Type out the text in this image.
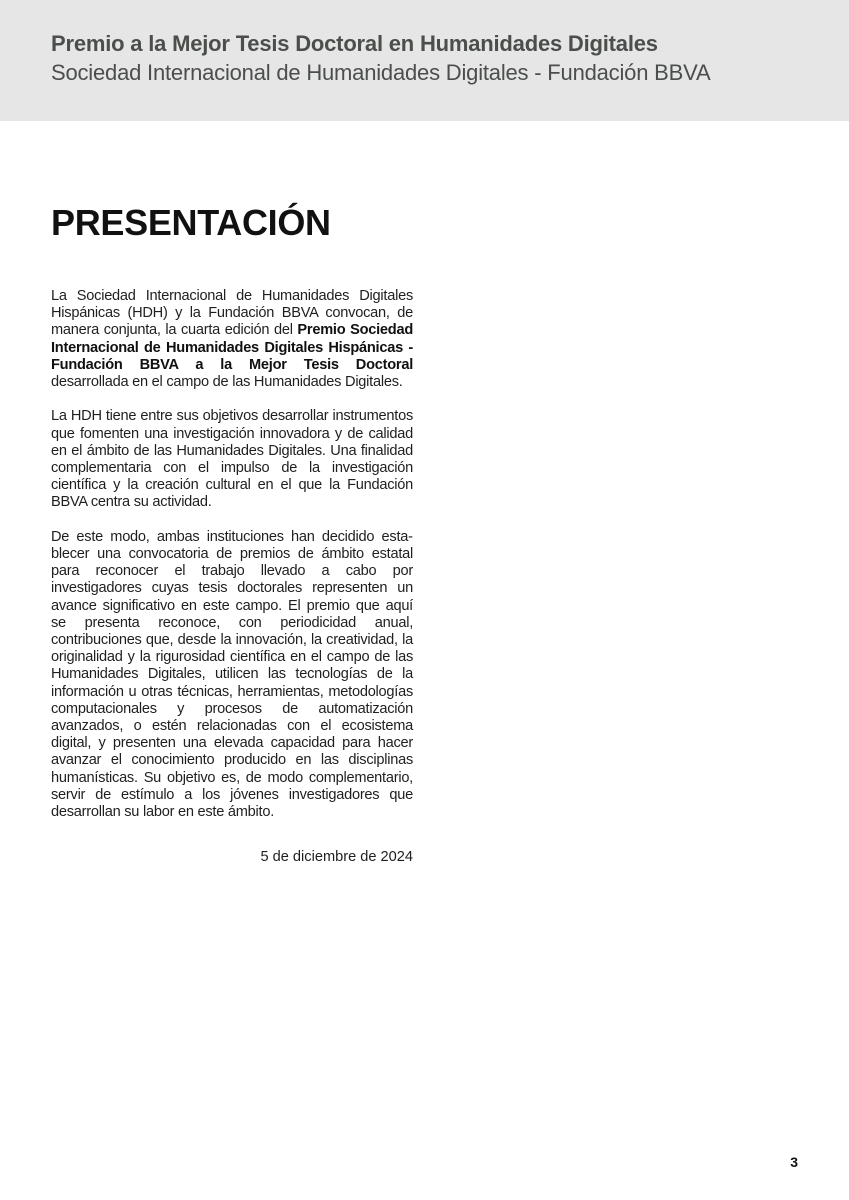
Premio a la Mejor Tesis Doctoral en Humanidades Digitales
Sociedad Internacional de Humanidades Digitales - Fundación BBVA
PRESENTACIÓN

La Sociedad Internacional de Humanidades Digitales Hispánicas (HDH) y la Fundación BBVA convocan, de manera conjunta, la cuarta edición del Premio Sociedad Internacional de Humanidades Digitales Hispánicas - Fundación BBVA a la Mejor Tesis Doctoral desarrollada en el campo de las Humanidades Digitales.

La HDH tiene entre sus objetivos desarrollar instrumentos que fomenten una investigación innovadora y de calidad en el ámbito de las Humanidades Digitales. Una finalidad complementaria con el impulso de la investigación científica y la creación cultural en el que la Fundación BBVA centra su actividad.

De este modo, ambas instituciones han decidido establecer una convocatoria de premios de ámbito estatal para reconocer el trabajo llevado a cabo por investigadores cuyas tesis doctorales representen un avance significativo en este campo. El premio que aquí se presenta reconoce, con periodicidad anual, contribuciones que, desde la innovación, la creatividad, la originalidad y la rigurosidad científica en el campo de las Humanidades Digitales, utilicen las tecnologías de la información u otras técnicas, herramientas, metodologías computacionales y procesos de automatización avanzados, o estén relacionadas con el ecosistema digital, y presenten una elevada capacidad para hacer avanzar el conocimiento producido en las disciplinas humanísticas. Su objetivo es, de modo complementario, servir de estímulo a los jóvenes investigadores que desarrollan su labor en este ámbito.

5 de diciembre de 2024
3
